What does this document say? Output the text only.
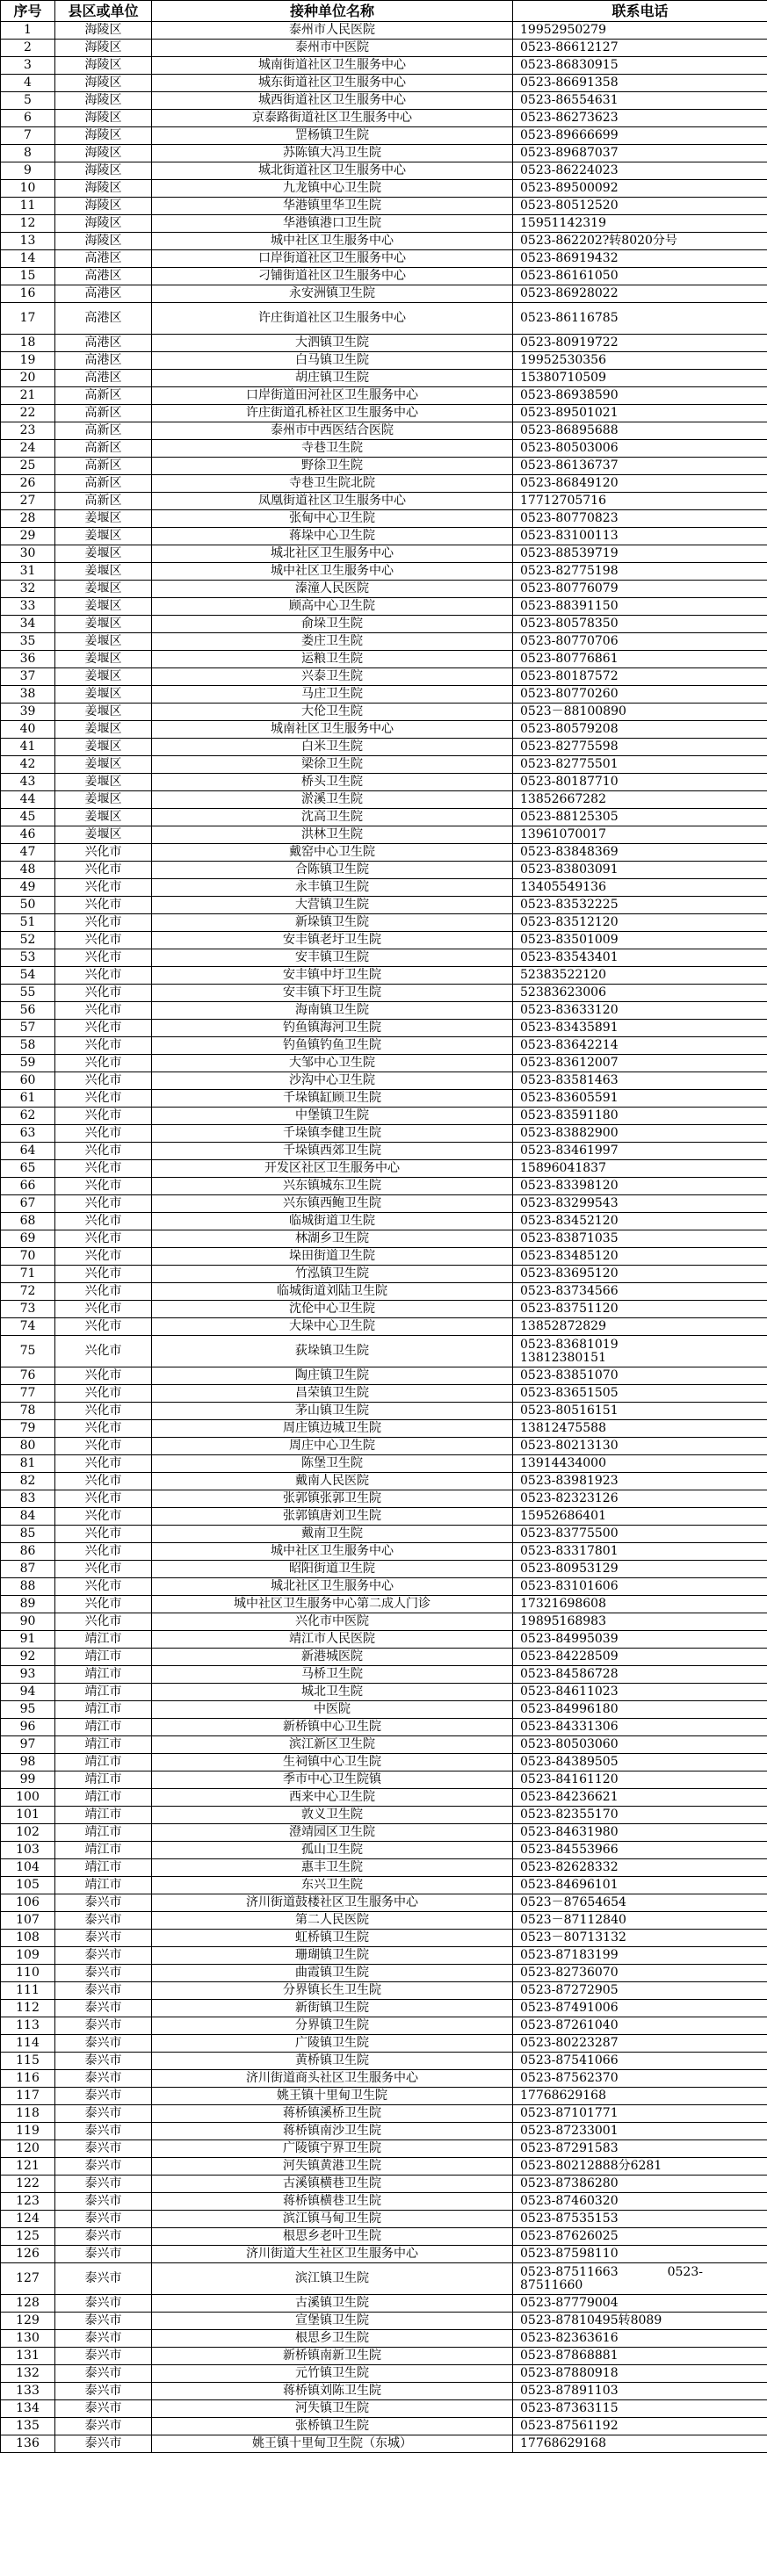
序号	县区或单位	接种单位名称	联系电话
1	海陵区	泰州市人民医院	19952950279
2	海陵区	泰州市中医院	0523-86612127
3	海陵区	城南街道社区卫生服务中心	0523-86830915
4	海陵区	城东街道社区卫生服务中心	0523-86691358
5	海陵区	城西街道社区卫生服务中心	0523-86554631
6	海陵区	京泰路街道社区卫生服务中心	0523-86273623
7	海陵区	罡杨镇卫生院	0523-89666699
8	海陵区	苏陈镇大冯卫生院	0523-89687037
9	海陵区	城北街道社区卫生服务中心	0523-86224023
10	海陵区	九龙镇中心卫生院	0523-89500092
11	海陵区	华港镇里华卫生院	0523-80512520
12	海陵区	华港镇港口卫生院	15951142319
13	海陵区	城中社区卫生服务中心	0523-862202?转8020分号
14	高港区	口岸街道社区卫生服务中心	0523-86919432
15	高港区	刁铺街道社区卫生服务中心	0523-86161050
16	高港区	永安洲镇卫生院	0523-86928022
17	高港区	许庄街道社区卫生服务中心	0523-86116785
18	高港区	大泗镇卫生院	0523-80919722
19	高港区	白马镇卫生院	19952530356
20	高港区	胡庄镇卫生院	15380710509
21	高新区	口岸街道田河社区卫生服务中心	0523-86938590
22	高新区	许庄街道孔桥社区卫生服务中心	0523-89501021
23	高新区	泰州市中西医结合医院	0523-86895688
24	高新区	寺巷卫生院	0523-80503006
25	高新区	野徐卫生院	0523-86136737
26	高新区	寺巷卫生院北院	0523-86849120
27	高新区	凤凰街道社区卫生服务中心	17712705716
28	姜堰区	张甸中心卫生院	0523-80770823
29	姜堰区	蒋垛中心卫生院	0523-83100113
30	姜堰区	城北社区卫生服务中心	0523-88539719
31	姜堰区	城中社区卫生服务中心	0523-82775198
32	姜堰区	溱潼人民医院	0523-80776079
33	姜堰区	顾高中心卫生院	0523-88391150
34	姜堰区	俞垛卫生院	0523-80578350
35	姜堰区	娄庄卫生院	0523-80770706
36	姜堰区	运粮卫生院	0523-80776861
37	姜堰区	兴泰卫生院	0523-80187572
38	姜堰区	马庄卫生院	0523-80770260
39	姜堰区	大伦卫生院	0523－88100890
40	姜堰区	城南社区卫生服务中心	0523-80579208
41	姜堰区	白米卫生院	0523-82775598
42	姜堰区	梁徐卫生院	0523-82775501
43	姜堰区	桥头卫生院	0523-80187710
44	姜堰区	淤溪卫生院	13852667282
45	姜堰区	沈高卫生院	0523-88125305
46	姜堰区	洪林卫生院	13961070017
47	兴化市	戴窑中心卫生院	0523-83848369
48	兴化市	合陈镇卫生院	0523-83803091
49	兴化市	永丰镇卫生院	13405549136
50	兴化市	大营镇卫生院	0523-83532225
51	兴化市	新垛镇卫生院	0523-83512120
52	兴化市	安丰镇老圩卫生院	0523-83501009
53	兴化市	安丰镇卫生院	0523-83543401
54	兴化市	安丰镇中圩卫生院	52383522120
55	兴化市	安丰镇下圩卫生院	52383623006
56	兴化市	海南镇卫生院	0523-83633120
57	兴化市	钓鱼镇海河卫生院	0523-83435891
58	兴化市	钓鱼镇钓鱼卫生院	0523-83642214
59	兴化市	大邹中心卫生院	0523-83612007
60	兴化市	沙沟中心卫生院	0523-83581463
61	兴化市	千垛镇缸顾卫生院	0523-83605591
62	兴化市	中堡镇卫生院	0523-83591180
63	兴化市	千垛镇李健卫生院	0523-83882900
64	兴化市	千垛镇西郊卫生院	0523-83461997
65	兴化市	开发区社区卫生服务中心	15896041837
66	兴化市	兴东镇城东卫生院	0523-83398120
67	兴化市	兴东镇西鲍卫生院	0523-83299543
68	兴化市	临城街道卫生院	0523-83452120
69	兴化市	林湖乡卫生院	0523-83871035
70	兴化市	垛田街道卫生院	0523-83485120
71	兴化市	竹泓镇卫生院	0523-83695120
72	兴化市	临城街道刘陆卫生院	0523-83734566
73	兴化市	沈伦中心卫生院	0523-83751120
74	兴化市	大垛中心卫生院	13852872829
75	兴化市	荻垛镇卫生院	0523-83681019
13812380151
76	兴化市	陶庄镇卫生院	0523-83851070
77	兴化市	昌荣镇卫生院	0523-83651505
78	兴化市	茅山镇卫生院	0523-80516151
79	兴化市	周庄镇边城卫生院	13812475588
80	兴化市	周庄中心卫生院	0523-80213130
81	兴化市	陈堡卫生院	13914434000
82	兴化市	戴南人民医院	0523-83981923
83	兴化市	张郭镇张郭卫生院	0523-82323126
84	兴化市	张郭镇唐刘卫生院	15952686401
85	兴化市	戴南卫生院	0523-83775500
86	兴化市	城中社区卫生服务中心	0523-83317801
87	兴化市	昭阳街道卫生院	0523-80953129
88	兴化市	城北社区卫生服务中心	0523-83101606
89	兴化市	城中社区卫生服务中心第二成人门诊	17321698608
90	兴化市	兴化市中医院	19895168983
91	靖江市	靖江市人民医院	0523-84995039
92	靖江市	新港城医院	0523-84228509
93	靖江市	马桥卫生院	0523-84586728
94	靖江市	城北卫生院	0523-84611023
95	靖江市	中医院	0523-84996180
96	靖江市	新桥镇中心卫生院	0523-84331306
97	靖江市	滨江新区卫生院	0523-80503060
98	靖江市	生祠镇中心卫生院	0523-84389505
99	靖江市	季市中心卫生院镇	0523-84161120
100	靖江市	西来中心卫生院	0523-84236621
101	靖江市	敦义卫生院	0523-82355170
102	靖江市	澄靖园区卫生院	0523-84631980
103	靖江市	孤山卫生院	0523-84553966
104	靖江市	惠丰卫生院	0523-82628332
105	靖江市	东兴卫生院	0523-84696101
106	泰兴市	济川街道鼓楼社区卫生服务中心	0523－87654654
107	泰兴市	第二人民医院	0523－87112840
108	泰兴市	虹桥镇卫生院	0523－80713132
109	泰兴市	珊瑚镇卫生院	0523-87183199
110	泰兴市	曲霞镇卫生院	0523-82736070
111	泰兴市	分界镇长生卫生院	0523-87272905
112	泰兴市	新街镇卫生院	0523-87491006
113	泰兴市	分界镇卫生院	0523-87261040
114	泰兴市	广陵镇卫生院	0523-80223287
115	泰兴市	黄桥镇卫生院	0523-87541066
116	泰兴市	济川街道商头社区卫生服务中心	0523-87562370
117	泰兴市	姚王镇十里甸卫生院	17768629168
118	泰兴市	蒋桥镇溪桥卫生院	0523-87101771
119	泰兴市	蒋桥镇南沙卫生院	0523-87233001
120	泰兴市	广陵镇宁界卫生院	0523-87291583
121	泰兴市	河失镇黄港卫生院	0523-80212888分6281
122	泰兴市	古溪镇横巷卫生院	0523-87386280
123	泰兴市	蒋桥镇横巷卫生院	0523-87460320
124	泰兴市	滨江镇马甸卫生院	0523-87535153
125	泰兴市	根思乡老叶卫生院	0523-87626025
126	泰兴市	济川街道大生社区卫生服务中心	0523-87598110
127	泰兴市	滨江镇卫生院	0523-87511663　　　　0523-
87511660
128	泰兴市	古溪镇卫生院	0523-87779004
129	泰兴市	宣堡镇卫生院	0523-87810495转8089
130	泰兴市	根思乡卫生院	0523-82363616
131	泰兴市	新桥镇南新卫生院	0523-87868881
132	泰兴市	元竹镇卫生院	0523-87880918
133	泰兴市	蒋桥镇刘陈卫生院	0523-87891103
134	泰兴市	河失镇卫生院	0523-87363115
135	泰兴市	张桥镇卫生院	0523-87561192
136	泰兴市	姚王镇十里甸卫生院（东城）	17768629168
